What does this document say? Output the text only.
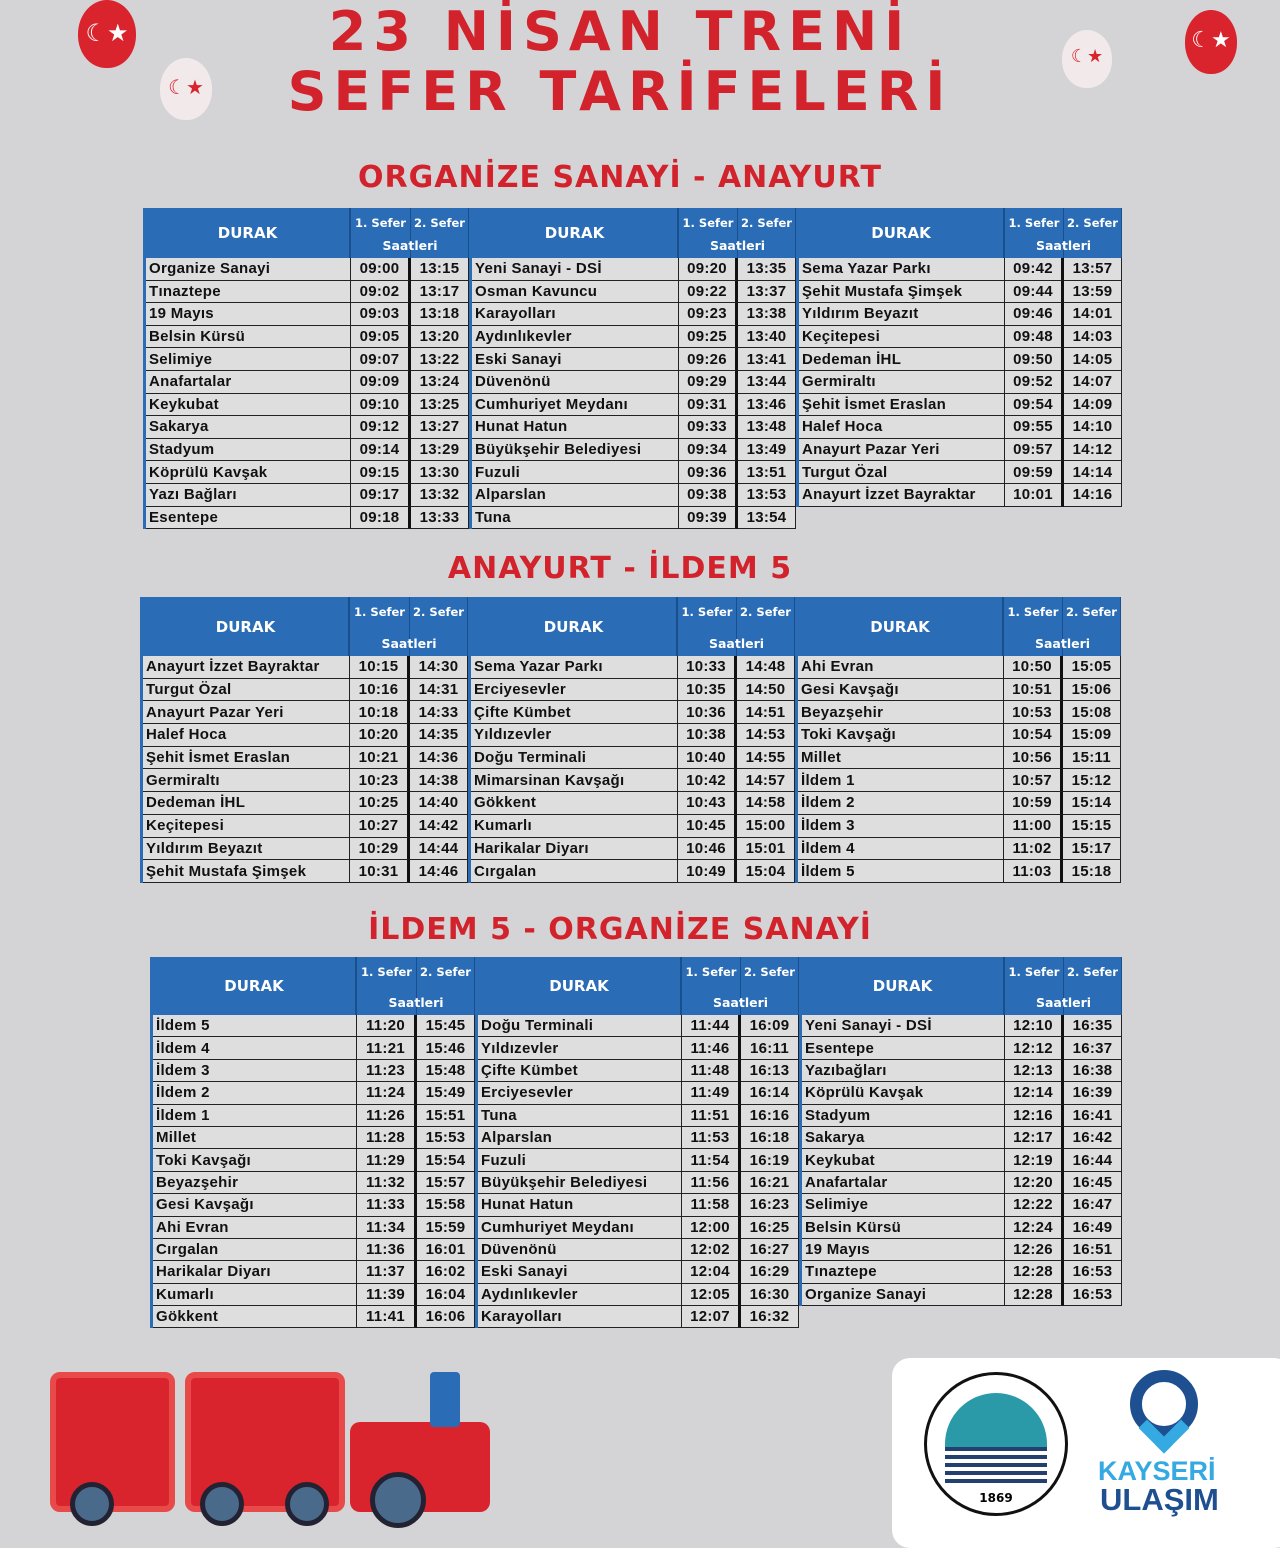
23 NİSAN TRENİ
SEFER TARİFELERİ
☾★
☾★
☾★
☾★
ORGANİZE SANAYİ - ANAYURT
DURAK
1. Sefer 2. Sefer
Saatleri
Organize Sanayi	09:00	13:15
Tınaztepe	09:02	13:17
19 Mayıs	09:03	13:18
Belsin Kürsü	09:05	13:20
Selimiye	09:07	13:22
Anafartalar	09:09	13:24
Keykubat	09:10	13:25
Sakarya	09:12	13:27
Stadyum	09:14	13:29
Köprülü Kavşak	09:15	13:30
Yazı Bağları	09:17	13:32
Esentepe	09:18	13:33
DURAK
1. Sefer 2. Sefer
Saatleri
Yeni Sanayi - DSİ	09:20	13:35
Osman Kavuncu	09:22	13:37
Karayolları	09:23	13:38
Aydınlıkevler	09:25	13:40
Eski Sanayi	09:26	13:41
Düvenönü	09:29	13:44
Cumhuriyet Meydanı	09:31	13:46
Hunat Hatun	09:33	13:48
Büyükşehir Belediyesi	09:34	13:49
Fuzuli	09:36	13:51
Alparslan	09:38	13:53
Tuna	09:39	13:54
DURAK
1. Sefer 2. Sefer
Saatleri
Sema Yazar Parkı	09:42	13:57
Şehit Mustafa Şimşek	09:44	13:59
Yıldırım Beyazıt	09:46	14:01
Keçitepesi	09:48	14:03
Dedeman İHL	09:50	14:05
Germiraltı	09:52	14:07
Şehit İsmet Eraslan	09:54	14:09
Halef Hoca	09:55	14:10
Anayurt Pazar Yeri	09:57	14:12
Turgut Özal	09:59	14:14
Anayurt İzzet Bayraktar	10:01	14:16
ANAYURT - İLDEM 5
DURAK
1. Sefer 2. Sefer
Saatleri
Anayurt İzzet Bayraktar	10:15	14:30
Turgut Özal	10:16	14:31
Anayurt Pazar Yeri	10:18	14:33
Halef Hoca	10:20	14:35
Şehit İsmet Eraslan	10:21	14:36
Germiraltı	10:23	14:38
Dedeman İHL	10:25	14:40
Keçitepesi	10:27	14:42
Yıldırım Beyazıt	10:29	14:44
Şehit Mustafa Şimşek	10:31	14:46
DURAK
1. Sefer 2. Sefer
Saatleri
Sema Yazar Parkı	10:33	14:48
Erciyesevler	10:35	14:50
Çifte Kümbet	10:36	14:51
Yıldızevler	10:38	14:53
Doğu Terminali	10:40	14:55
Mimarsinan Kavşağı	10:42	14:57
Gökkent	10:43	14:58
Kumarlı	10:45	15:00
Harikalar Diyarı	10:46	15:01
Cırgalan	10:49	15:04
DURAK
1. Sefer 2. Sefer
Saatleri
Ahi Evran	10:50	15:05
Gesi Kavşağı	10:51	15:06
Beyazşehir	10:53	15:08
Toki Kavşağı	10:54	15:09
Millet	10:56	15:11
İldem 1	10:57	15:12
İldem 2	10:59	15:14
İldem 3	11:00	15:15
İldem 4	11:02	15:17
İldem 5	11:03	15:18
İLDEM 5 - ORGANİZE SANAYİ
DURAK
1. Sefer 2. Sefer
Saatleri
İldem 5	11:20	15:45
İldem 4	11:21	15:46
İldem 3	11:23	15:48
İldem 2	11:24	15:49
İldem 1	11:26	15:51
Millet	11:28	15:53
Toki Kavşağı	11:29	15:54
Beyazşehir	11:32	15:57
Gesi Kavşağı	11:33	15:58
Ahi Evran	11:34	15:59
Cırgalan	11:36	16:01
Harikalar Diyarı	11:37	16:02
Kumarlı	11:39	16:04
Gökkent	11:41	16:06
DURAK
1. Sefer 2. Sefer
Saatleri
Doğu Terminali	11:44	16:09
Yıldızevler	11:46	16:11
Çifte Kümbet	11:48	16:13
Erciyesevler	11:49	16:14
Tuna	11:51	16:16
Alparslan	11:53	16:18
Fuzuli	11:54	16:19
Büyükşehir Belediyesi	11:56	16:21
Hunat Hatun	11:58	16:23
Cumhuriyet Meydanı	12:00	16:25
Düvenönü	12:02	16:27
Eski Sanayi	12:04	16:29
Aydınlıkevler	12:05	16:30
Karayolları	12:07	16:32
DURAK
1. Sefer 2. Sefer
Saatleri
Yeni Sanayi - DSİ	12:10	16:35
Esentepe	12:12	16:37
Yazıbağları	12:13	16:38
Köprülü Kavşak	12:14	16:39
Stadyum	12:16	16:41
Sakarya	12:17	16:42
Keykubat	12:19	16:44
Anafartalar	12:20	16:45
Selimiye	12:22	16:47
Belsin Kürsü	12:24	16:49
19 Mayıs	12:26	16:51
Tınaztepe	12:28	16:53
Organize Sanayi	12:28	16:53
1869
KAYSERİ
ULAŞIM
